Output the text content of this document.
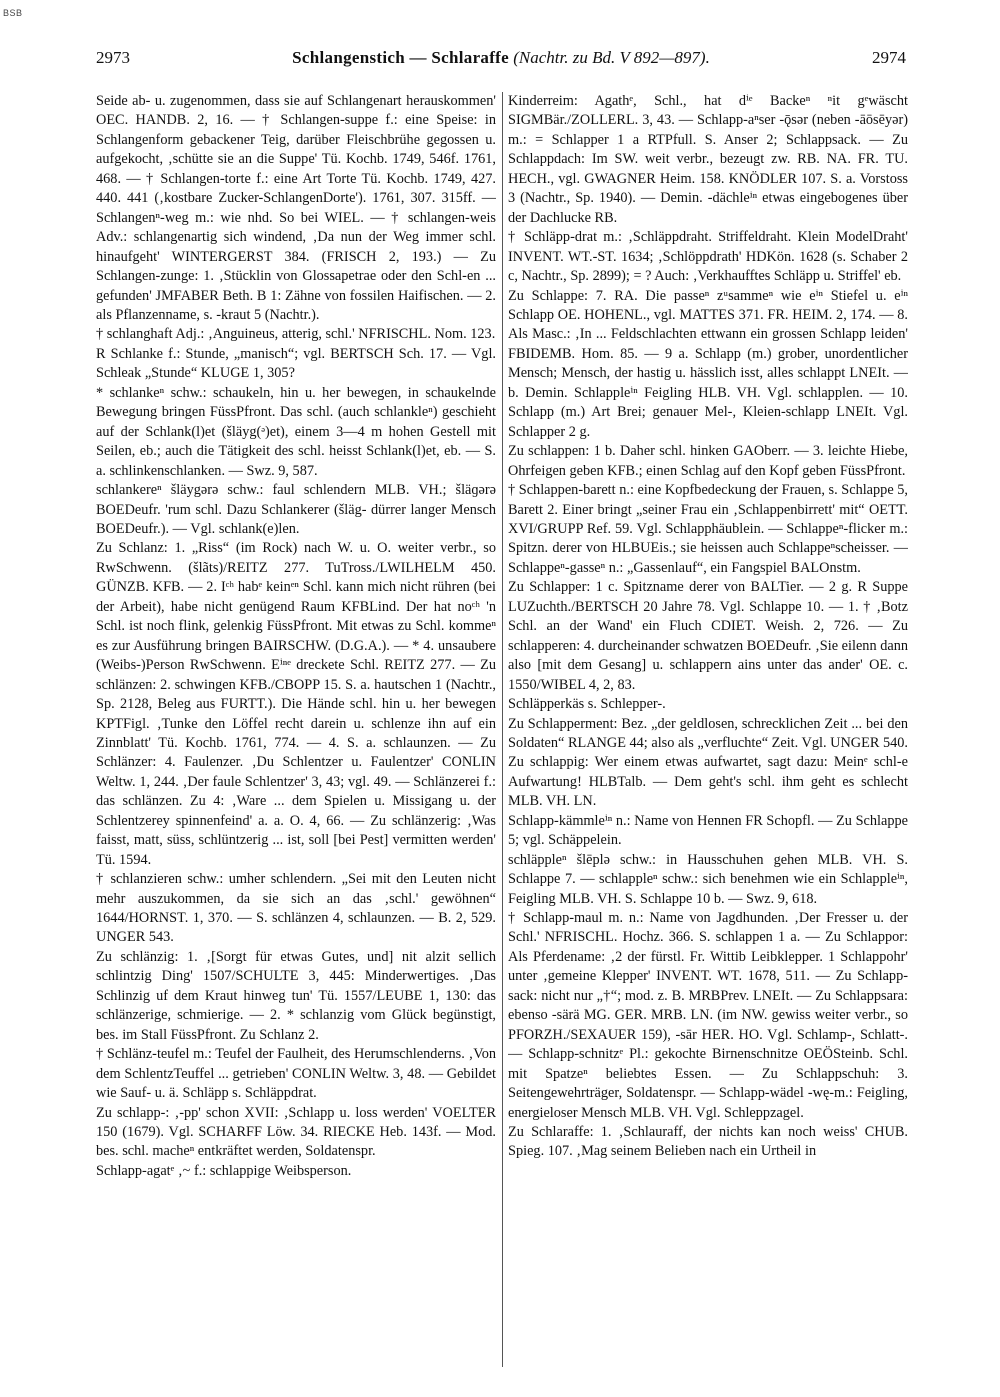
BSB
2973	Schlangenstich — Schlaraffe (Nachtr. zu Bd. V 892—897).	2974

Seide ab- u. zugenommen, dass sie auf Schlangenart herauskommen' OEC. HANDB. 2, 16. — † Schlangen-suppe f.: eine Speise: in Schlangenform gebackener Teig, darüber Fleischbrühe gegossen u. aufgekocht, ‚schütte sie an die Suppe' Tü. Kochb. 1749, 546f. 1761, 468. — † Schlangen-torte f.: eine Art Torte Tü. Kochb. 1749, 427. 440. 441 (‚kostbare Zucker-SchlangenDorte'). 1761, 307. 315ff. — Schlangenⁿ-weg m.: wie nhd. So bei WIEL. — † schlangen-weis Adv.: schlangenartig sich windend, ‚Da nun der Weg immer schl. hinaufgeht' WINTERGERST 384. (FRISCH 2, 193.) — Zu Schlangen-zunge: 1. ‚Stücklin von Glossapetrae oder den Schl-en ... gefunden' JMFABER Beth. B 1: Zähne von fossilen Haifischen. — 2. als Pflanzenname, s. -kraut 5 (Nachtr.).

† schlanghaft Adj.: ‚Anguineus, atterig, schl.' NFRISCHL. Nom. 123.

R Schlanke f.: Stunde, „manisch“; vgl. BERTSCH Sch. 17. — Vgl. Schleak „Stunde“ KLUGE 1, 305?

* schlankeⁿ schw.: schaukeln, hin u. her bewegen, in schaukelnde Bewegung bringen FüssPfront. Das schl. (auch schlankleⁿ) geschieht auf der Schlank(l)et (šläyg(ᵊ)et), einem 3—4 m hohen Gestell mit Seilen, eb.; auch die Tätigkeit des schl. heisst Schlank(l)et, eb. — S. a. schlinkenschlanken. — Swz. 9, 587.

schlankereⁿ šläygərə schw.: faul schlendern MLB. VH.; šläɡərə BOEDeufr. 'rum schl. Dazu Schlankerer (šläg- dürrer langer Mensch BOEDeufr.). — Vgl. schlank(e)len.

Zu Schlanz: 1. „Riss“ (im Rock) nach W. u. O. weiter verbr., so RwSchwenn. (šlãts)/REITZ 277. TuTross./LWILHELM 450. GÜNZB. KFB. — 2. Iᶜʰ habᵉ keinᵉⁿ Schl. kann mich nicht rühren (bei der Arbeit), habe nicht genügend Raum KFBLind. Der hat noᶜʰ 'n Schl. ist noch flink, gelenkig FüssPfront. Mit etwas zu Schl. kommeⁿ es zur Ausführung bringen BAIRSCHW. (D.G.A.). — * 4. unsaubere (Weibs-)Person RwSchwenn. Eⁱⁿᵉ dreckete Schl. REITZ 277. — Zu schlänzen: 2. schwingen KFB./CBOPP 15. S. a. hautschen 1 (Nachtr., Sp. 2128, Beleg aus FURTT.). Die Hände schl. hin u. her bewegen KPTFigl. ‚Tunke den Löffel recht darein u. schlenze ihn auf ein Zinnblatt' Tü. Kochb. 1761, 774. — 4. S. a. schlaunzen. — Zu Schlänzer: 4. Faulenzer. ‚Du Schlentzer u. Faulentzer' CONLIN Weltw. 1, 244. ‚Der faule Schlentzer' 3, 43; vgl. 49. — Schlänzerei f.: das schlänzen. Zu 4: ‚Ware ... dem Spielen u. Missigang u. der Schlentzerey spinnenfeind' a. a. O. 4, 66. — Zu schlänzerig: ‚Was faisst, matt, süss, schlüntzerig ... ist, soll [bei Pest] vermitten werden' Tü. 1594.

† schlanzieren schw.: umher schlendern. „Sei mit den Leuten nicht mehr auszukommen, da sie sich an das ‚schl.' gewöhnen“ 1644/HORNST. 1, 370. — S. schlänzen 4, schlaunzen. — B. 2, 529. UNGER 543.

Zu schlänzig: 1. ‚[Sorgt für etwas Gutes, und] nit alzit sellich schlintzig Ding' 1507/SCHULTE 3, 445: Minderwertiges. ‚Das Schlinzig uf dem Kraut hinweg tun' Tü. 1557/LEUBE 1, 130: das schlänzerige, schmierige. — 2. * schlanzig vom Glück begünstigt, bes. im Stall FüssPfront. Zu Schlanz 2.

† Schlänz-teufel m.: Teufel der Faulheit, des Herumschlenderns. ‚Von dem SchlentzTeuffel ... getrieben' CONLIN Weltw. 3, 48. — Gebildet wie Sauf- u. ä. Schläpp s. Schläppdrat.

Zu schlapp-: ‚-pp' schon XVII: ‚Schlapp u. loss werden' VOELTER 150 (1679). Vgl. SCHARFF Löw. 34. RIECKE Heb. 143f. — Mod. bes. schl. macheⁿ entkräftet werden, Soldatenspr.

Schlapp-agatᵉ ‚~ f.: schlappige Weibsperson.

Kinderreim: Agathᵉ, Schl., hat dⁱᵉ Backeⁿ ⁿit gᵉwäscht SIGMBär./ZOLLERL. 3, 43. — Schlapp-aⁿser -ǭsər (neben -āōsēyər) m.: = Schlapper 1 a RTPfull. S. Anser 2; Schlappsack. — Zu Schlappdach: Im SW. weit verbr., bezeugt zw. RB. NA. FR. TU. HECH., vgl. GWAGNER Heim. 158. KNÖDLER 107. S. a. Vorstoss 3 (Nachtr., Sp. 1940). — Demin. -dächleⁱⁿ etwas eingebogenes über der Dachlucke RB.

† Schläpp-drat m.: ‚Schläppdraht. Striffeldraht. Klein ModelDraht' INVENT. WT.-ST. 1634; ‚Schlöppdrath' HDKön. 1628 (s. Schaber 2 c, Nachtr., Sp. 2899); = ? Auch: ‚Verkhaufftes Schläpp u. Striffel' eb.

Zu Schlappe: 7. RA. Die passeⁿ zᵘsammeⁿ wie eⁱⁿ Stiefel u. eⁱⁿ Schlapp OE. HOHENL., vgl. MATTES 371. FR. HEIM. 2, 174. — 8. Als Masc.: ‚In ... Feldschlachten ettwann ein grossen Schlapp leiden' FBIDEMB. Hom. 85. — 9 a. Schlapp (m.) grober, unordentlicher Mensch; Mensch, der hastig u. hässlich isst, alles schlappt LNEIt. — b. Demin. Schlappleⁱⁿ Feigling HLB. VH. Vgl. schlapplen. — 10. Schlapp (m.) Art Brei; genauer Mel-, Kleien-schlapp LNEIt. Vgl. Schlapper 2 g.

Zu schlappen: 1 b. Daher schl. hinken GAOberr. — 3. leichte Hiebe, Ohrfeigen geben KFB.; einen Schlag auf den Kopf geben FüssPfront.

† Schlappen-barett n.: eine Kopfbedeckung der Frauen, s. Schlappe 5, Barett 2. Einer bringt „seiner Frau ein ‚Schlappenbirrett' mit“ OETT. XVI/GRUPP Ref. 59. Vgl. Schlapphäublein. — Schlappeⁿ-flicker m.: Spitzn. derer von HLBUEis.; sie heissen auch Schlappeⁿscheisser. — Schlappeⁿ-gasseⁿ n.: „Gassenlauf“, ein Fangspiel BALOnstm.

Zu Schlapper: 1 c. Spitzname derer von BALTier. — 2 g. R Suppe LUZuchth./BERTSCH 20 Jahre 78. Vgl. Schlappe 10. — 1. † ‚Botz Schl. an der Wand' ein Fluch CDIET. Weish. 2, 726. — Zu schlapperen: 4. durcheinander schwatzen BOEDeufr. ‚Sie eilenn dann also [mit dem Gesang] u. schlappern ains unter das ander' OE. c. 1550/WIBEL 4, 2, 83.

Schläpperkäs s. Schlepper-.

Zu Schlapperment: Bez. „der geldlosen, schrecklichen Zeit ... bei den Soldaten“ RLANGE 44; also als „verfluchte“ Zeit. Vgl. UNGER 540.

Zu schlappig: Wer einem etwas aufwartet, sagt dazu: Meinᵉ schl-e Aufwartung! HLBTalb. — Dem geht's schl. ihm geht es schlecht MLB. VH. LN.

Schlapp-kämmleⁱⁿ n.: Name von Hennen FR Schopfl. — Zu Schlappe 5; vgl. Schäppelein.

schläppleⁿ šlēplə schw.: in Hausschuhen gehen MLB. VH. S. Schlappe 7. — schlappleⁿ schw.: sich benehmen wie ein Schlappleⁱⁿ, Feigling MLB. VH. S. Schlappe 10 b. — Swz. 9, 618.

† Schlapp-maul m. n.: Name von Jagdhunden. ‚Der Fresser u. der Schl.' NFRISCHL. Hochz. 366. S. schlappen 1 a. — Zu Schlappor: Als Pferdename: ‚2 der fürstl. Fr. Wittib Leibklepper. 1 Schlappohr' unter ‚gemeine Klepper' INVENT. WT. 1678, 511. — Zu Schlapp-sack: nicht nur „†“; mod. z. B. MRBPrev. LNEIt. — Zu Schlappsara: ebenso -särä MG. GER. MRB. LN. (im NW. gewiss weiter verbr., so PFORZH./SEXAUER 159), -sār HER. HO. Vgl. Schlamp-, Schlatt-. — Schlapp-schnitzᵉ Pl.: gekochte Birnenschnitze OEÖSteinb. Schl. mit Spatzeⁿ beliebtes Essen. — Zu Schlappschuh: 3. Seitengewehrträger, Soldatenspr. — Schlapp-wädel -wę-m.: Feigling, energieloser Mensch MLB. VH. Vgl. Schleppzagel.

Zu Schlaraffe: 1. ‚Schlauraff, der nichts kan noch weiss' CHUB. Spieg. 107. ‚Mag seinem Belieben nach ein Urtheil in
